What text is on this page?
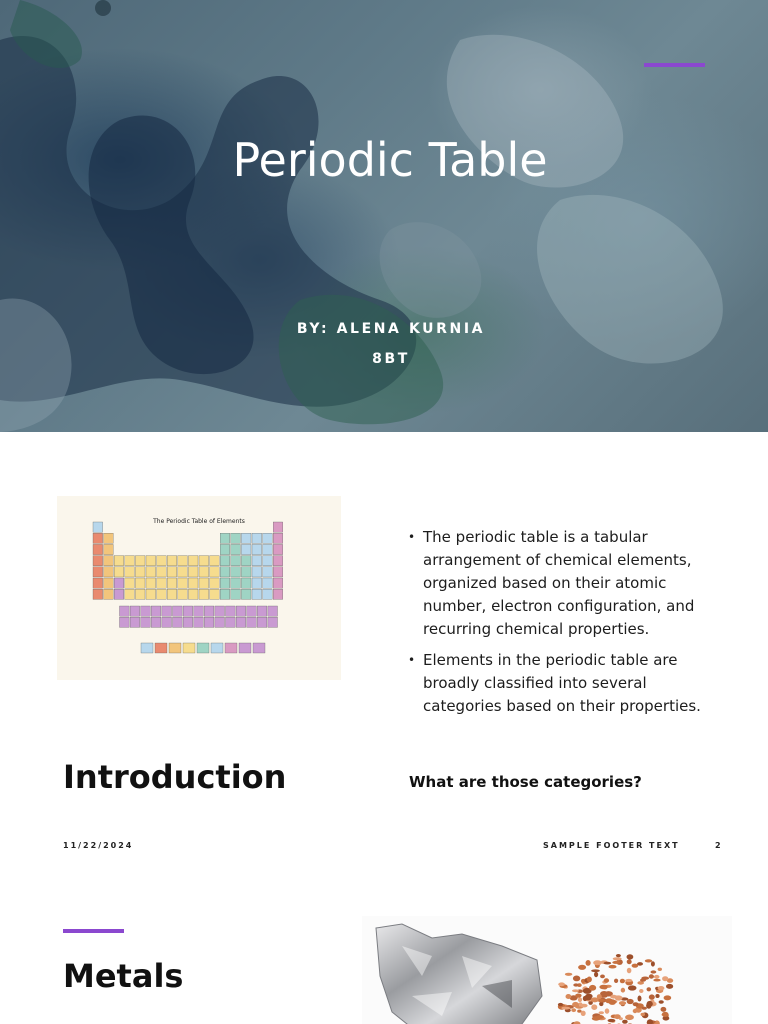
Periodic Table
BY: ALENA KURNIA
8BT
The Periodic Table of Elements
• The periodic table is a tabular arrangement of chemical elements, organized based on their atomic number, electron configuration, and recurring chemical properties.
• Elements in the periodic table are broadly classified into several categories based on their properties.
What are those categories?
Introduction
11/22/2024	SAMPLE FOOTER TEXT	2
Metals
